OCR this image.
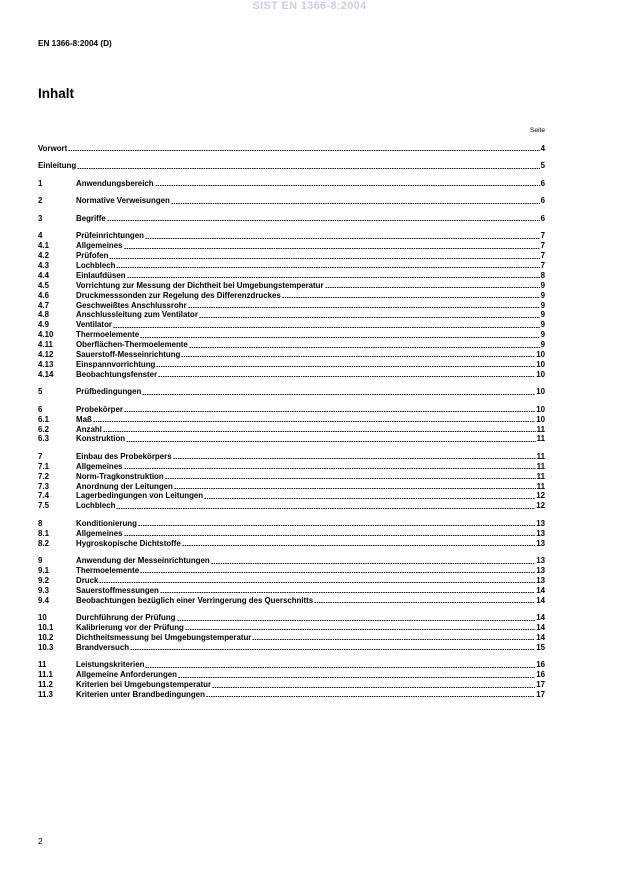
SIST EN 1366-8:2004
EN 1366-8:2004 (D)
Inhalt
Seite
Vorwort	4
Einleitung	5
1	Anwendungsbereich	6
2	Normative Verweisungen	6
3	Begriffe	6
4	Prüfeinrichtungen	7
4.1	Allgemeines	7
4.2	Prüfofen	7
4.3	Lochblech	7
4.4	Einlaufdüsen	8
4.5	Vorrichtung zur Messung der Dichtheit bei Umgebungstemperatur	9
4.6	Druckmesssonden zur Regelung des Differenzdruckes	9
4.7	Geschweißtes Anschlussrohr	9
4.8	Anschlussleitung zum Ventilator	9
4.9	Ventilator	9
4.10	Thermoelemente	9
4.11	Oberflächen-Thermoelemente	9
4.12	Sauerstoff-Messeinrichtung	10
4.13	Einspannvorrichtung	10
4.14	Beobachtungsfenster	10
5	Prüfbedingungen	10
6	Probekörper	10
6.1	Maß	10
6.2	Anzahl	11
6.3	Konstruktion	11
7	Einbau des Probekörpers	11
7.1	Allgemeines	11
7.2	Norm-Tragkonstruktion	11
7.3	Anordnung der Leitungen	11
7.4	Lagerbedingungen von Leitungen	12
7.5	Lochblech	12
8	Konditionierung	13
8.1	Allgemeines	13
8.2	Hygroskopische Dichtstoffe	13
9	Anwendung der Messeinrichtungen	13
9.1	Thermoelemente	13
9.2	Druck	13
9.3	Sauerstoffmessungen	14
9.4	Beobachtungen bezüglich einer Verringerung des Querschnitts	14
10	Durchführung der Prüfung	14
10.1	Kalibrierung vor der Prüfung	14
10.2	Dichtheitsmessung bei Umgebungstemperatur	14
10.3	Brandversuch	15
11	Leistungskriterien	16
11.1	Allgemeine Anforderungen	16
11.2	Kriterien bei Umgebungstemperatur	17
11.3	Kriterien unter Brandbedingungen	17
2
